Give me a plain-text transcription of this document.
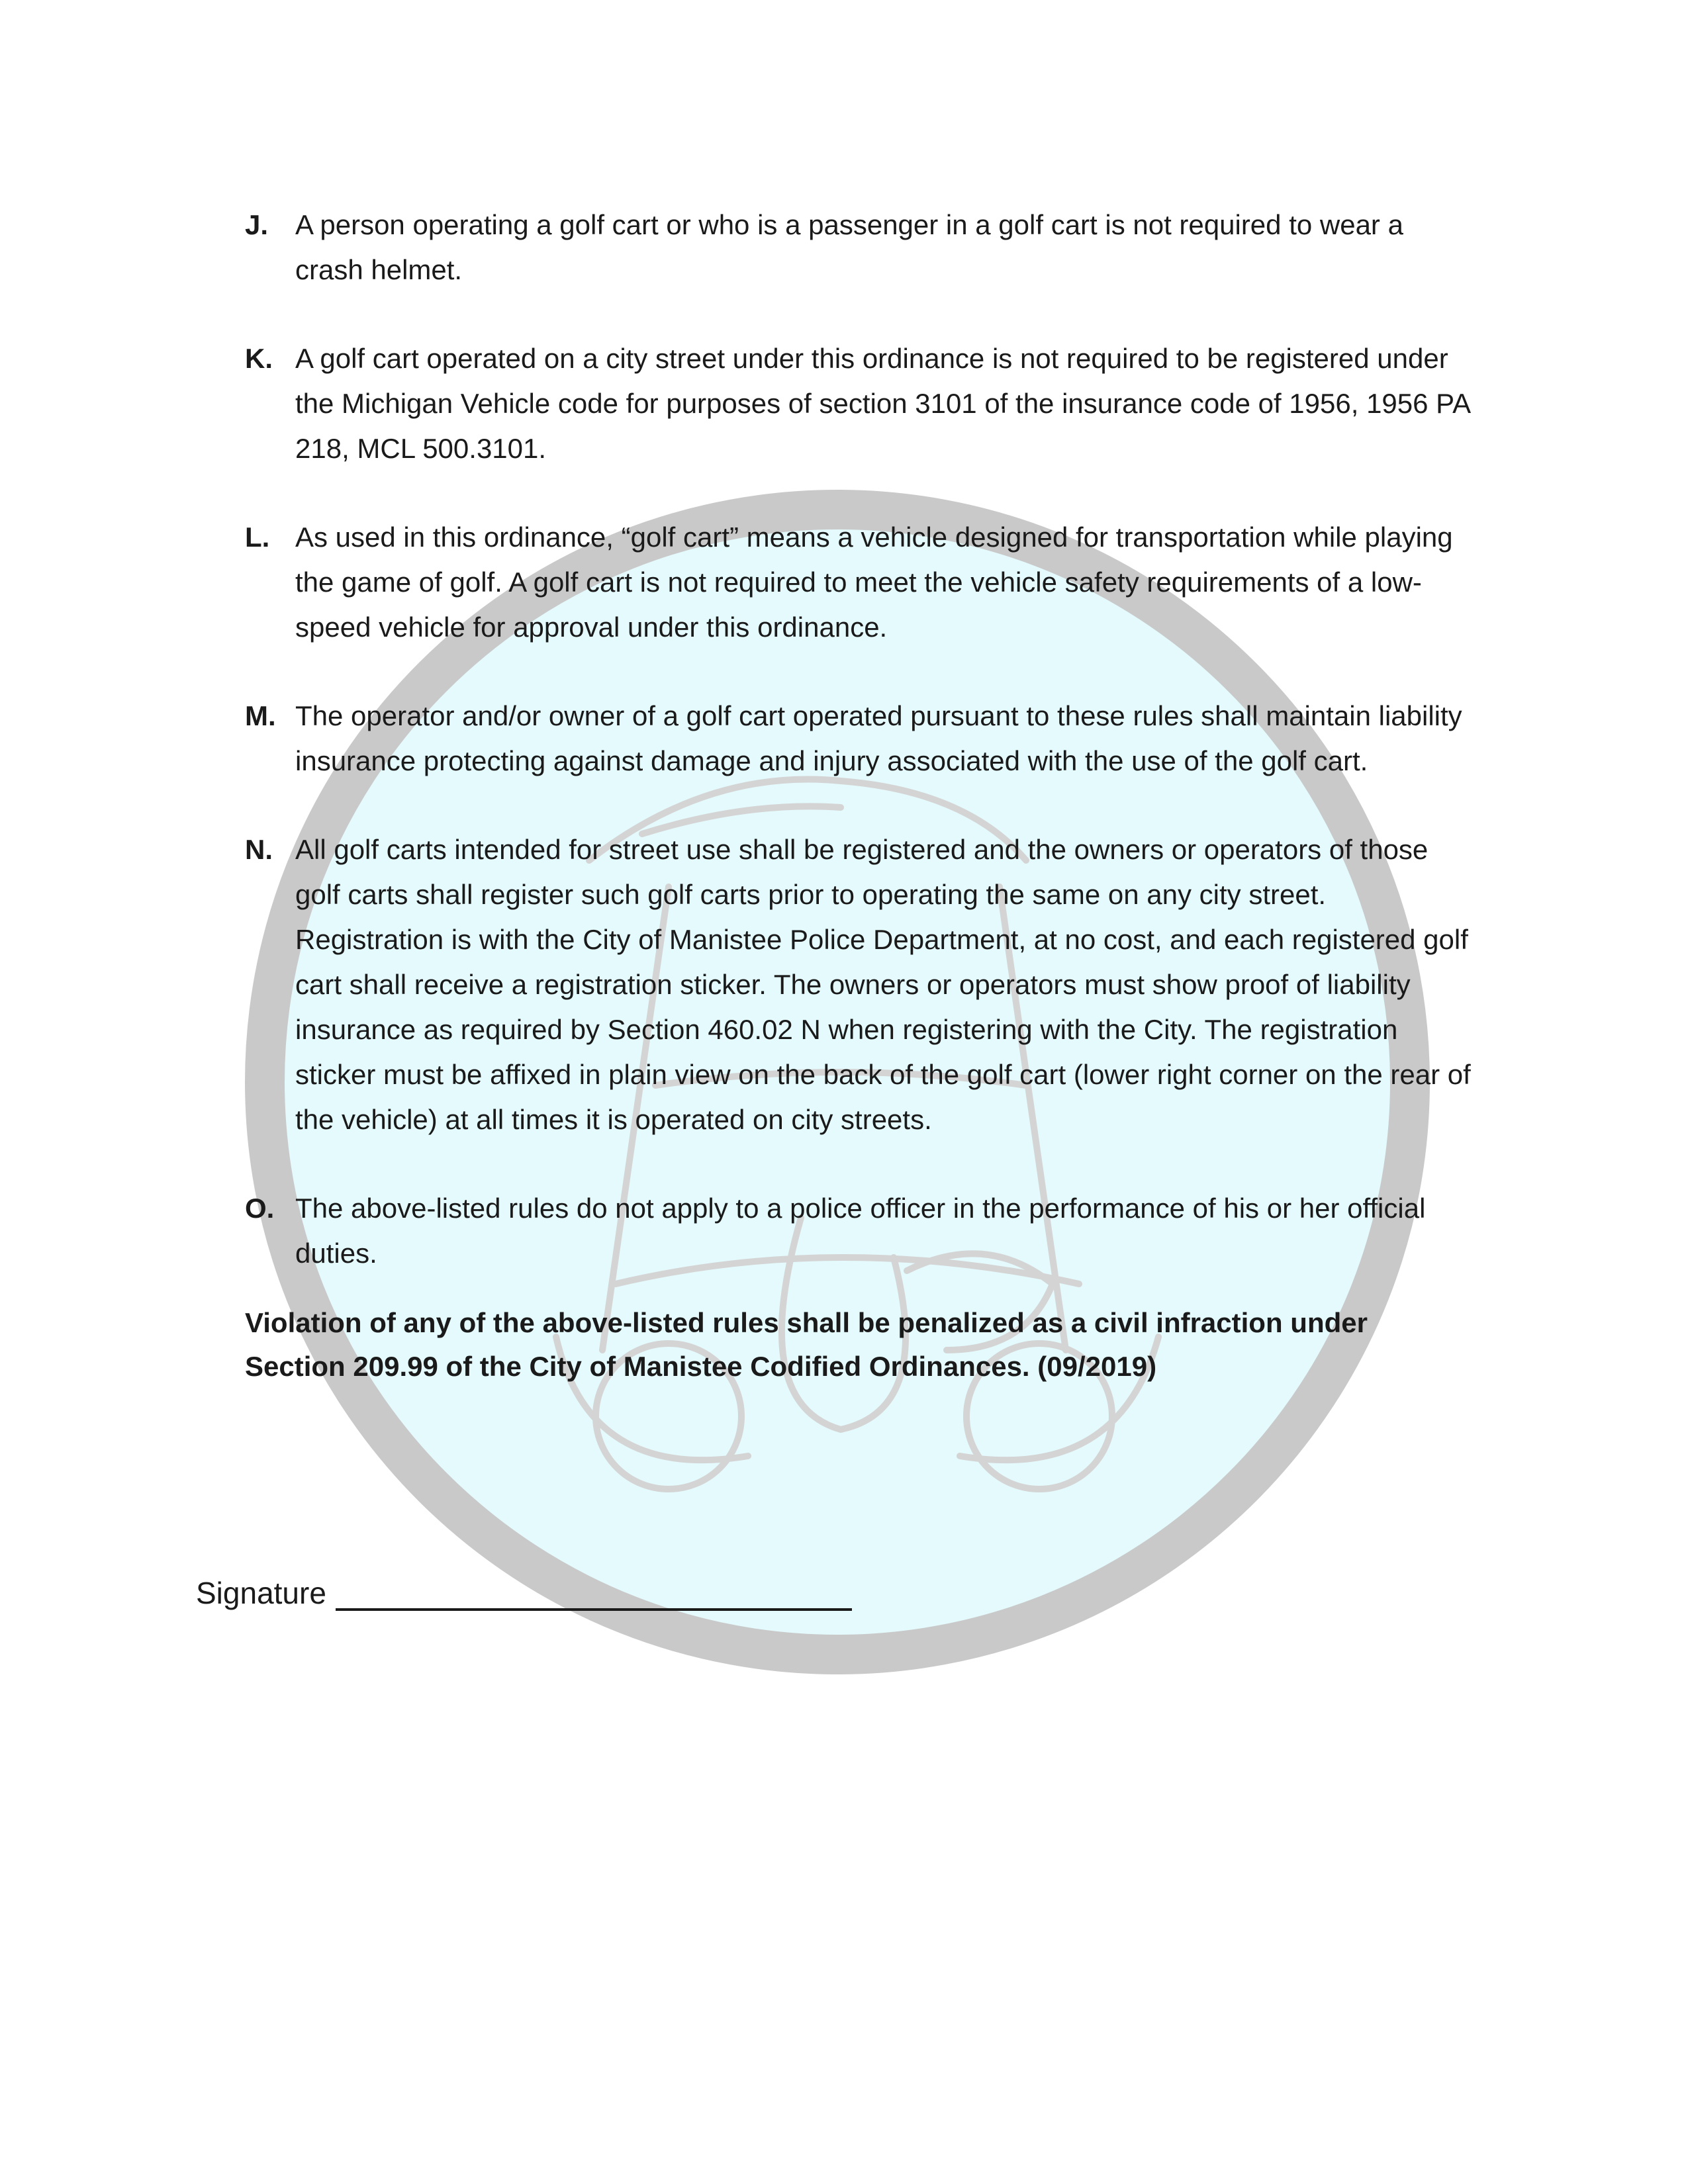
J. A person operating a golf cart or who is a passenger in a golf cart is not required to wear a crash helmet.
K. A golf cart operated on a city street under this ordinance is not required to be registered under the Michigan Vehicle code for purposes of section 3101 of the insurance code of 1956, 1956 PA 218, MCL 500.3101.
L. As used in this ordinance, “golf cart” means a vehicle designed for transportation while playing the game of golf. A golf cart is not required to meet the vehicle safety requirements of a low-speed vehicle for approval under this ordinance.
M. The operator and/or owner of a golf cart operated pursuant to these rules shall maintain liability insurance protecting against damage and injury associated with the use of the golf cart.
N. All golf carts intended for street use shall be registered and the owners or operators of those golf carts shall register such golf carts prior to operating the same on any city street. Registration is with the City of Manistee Police Department, at no cost, and each registered golf cart shall receive a registration sticker. The owners or operators must show proof of liability insurance as required by Section 460.02 N when registering with the City. The registration sticker must be affixed in plain view on the back of the golf cart (lower right corner on the rear of the vehicle) at all times it is operated on city streets.
O. The above-listed rules do not apply to a police officer in the performance of his or her official duties.
Violation of any of the above-listed rules shall be penalized as a civil infraction under Section 209.99 of the City of Manistee Codified Ordinances. (09/2019)
Signature
